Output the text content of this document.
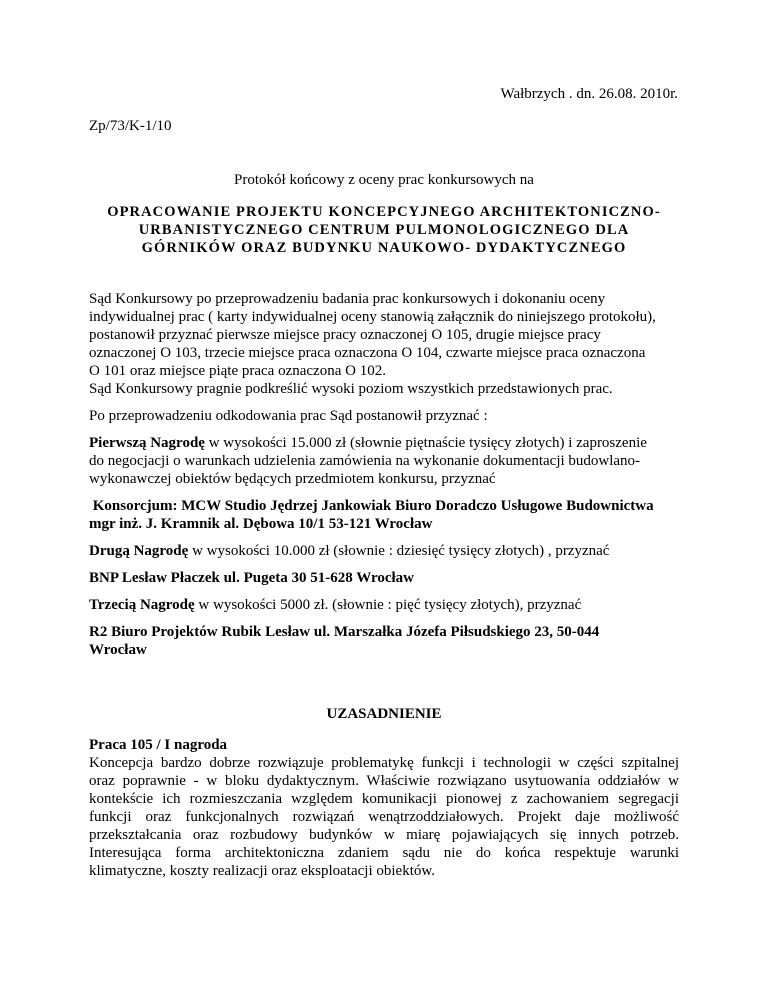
Wałbrzych . dn. 26.08. 2010r.
Zp/73/K-1/10
Protokół końcowy z oceny prac konkursowych na
OPRACOWANIE PROJEKTU KONCEPCYJNEGO ARCHITEKTONICZNO-
URBANISTYCZNEGO CENTRUM PULMONOLOGICZNEGO DLA
GÓRNIKÓW ORAZ BUDYNKU NAUKOWO- DYDAKTYCZNEGO
Sąd Konkursowy po przeprowadzeniu badania prac konkursowych i dokonaniu oceny
indywidualnej prac ( karty indywidualnej oceny stanowią załącznik do niniejszego protokołu),
postanowił przyznać pierwsze miejsce pracy oznaczonej O 105, drugie miejsce pracy
oznaczonej O 103, trzecie miejsce praca oznaczona O 104, czwarte miejsce praca oznaczona
O 101 oraz miejsce piąte praca oznaczona O 102.
Sąd Konkursowy pragnie podkreślić wysoki poziom wszystkich przedstawionych prac.
Po przeprowadzeniu odkodowania prac Sąd postanowił przyznać :
Pierwszą Nagrodę w wysokości 15.000 zł (słownie piętnaście tysięcy złotych) i zaproszenie
do negocjacji o warunkach udzielenia zamówienia na wykonanie dokumentacji budowlano-
wykonawczej obiektów będących przedmiotem konkursu, przyznać
Konsorcjum: MCW Studio Jędrzej Jankowiak Biuro Doradczo Usługowe Budownictwa
mgr inż. J. Kramnik al. Dębowa 10/1 53-121 Wrocław
Drugą Nagrodę w wysokości 10.000 zł (słownie : dziesięć tysięcy złotych) , przyznać
BNP Lesław Płaczek ul. Pugeta 30 51-628 Wrocław
Trzecią Nagrodę w wysokości 5000 zł. (słownie : pięć tysięcy złotych), przyznać
R2 Biuro Projektów Rubik Lesław ul. Marszałka Józefa Piłsudskiego 23, 50-044
Wrocław
UZASADNIENIE
Praca 105 / I nagroda
Koncepcja bardzo dobrze rozwiązuje problematykę funkcji i technologii w części szpitalnej
oraz poprawnie - w bloku dydaktycznym. Właściwie rozwiązano usytuowania oddziałów w
kontekście ich rozmieszczania względem komunikacji pionowej z zachowaniem segregacji
funkcji oraz funkcjonalnych rozwiązań wenątrzoddziałowych. Projekt daje możliwość
przekształcania oraz rozbudowy budynków w miarę pojawiających się innych potrzeb.
Interesująca forma architektoniczna zdaniem sądu nie do końca respektuje warunki
klimatyczne, koszty realizacji oraz eksploatacji obiektów.
